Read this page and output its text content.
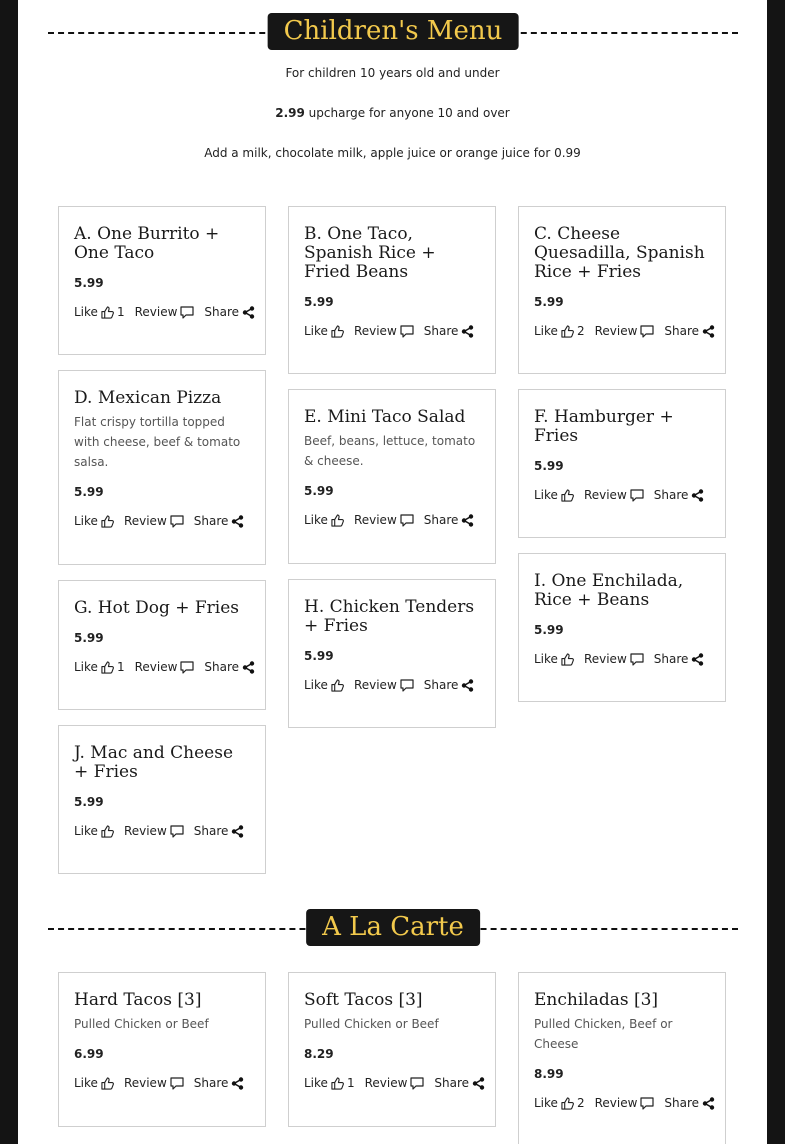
Children's Menu
For children 10 years old and under
2.99 upcharge for anyone 10 and over
Add a milk, chocolate milk, apple juice or orange juice for 0.99
A. One Burrito + One Taco
5.99
Like 1 Review Share
B. One Taco, Spanish Rice + Fried Beans
5.99
Like Review Share
C. Cheese Quesadilla, Spanish Rice + Fries
5.99
Like 2 Review Share
D. Mexican Pizza
Flat crispy tortilla topped with cheese, beef & tomato salsa.
5.99
Like Review Share
E. Mini Taco Salad
Beef, beans, lettuce, tomato & cheese.
5.99
Like Review Share
F. Hamburger + Fries
5.99
Like Review Share
G. Hot Dog + Fries
5.99
Like 1 Review Share
H. Chicken Tenders + Fries
5.99
Like Review Share
I. One Enchilada, Rice + Beans
5.99
Like Review Share
J. Mac and Cheese + Fries
5.99
Like Review Share
A La Carte
Hard Tacos [3]
Pulled Chicken or Beef
6.99
Like Review Share
Soft Tacos [3]
Pulled Chicken or Beef
8.29
Like 1 Review Share
Enchiladas [3]
Pulled Chicken, Beef or Cheese
8.99
Like 2 Review Share
